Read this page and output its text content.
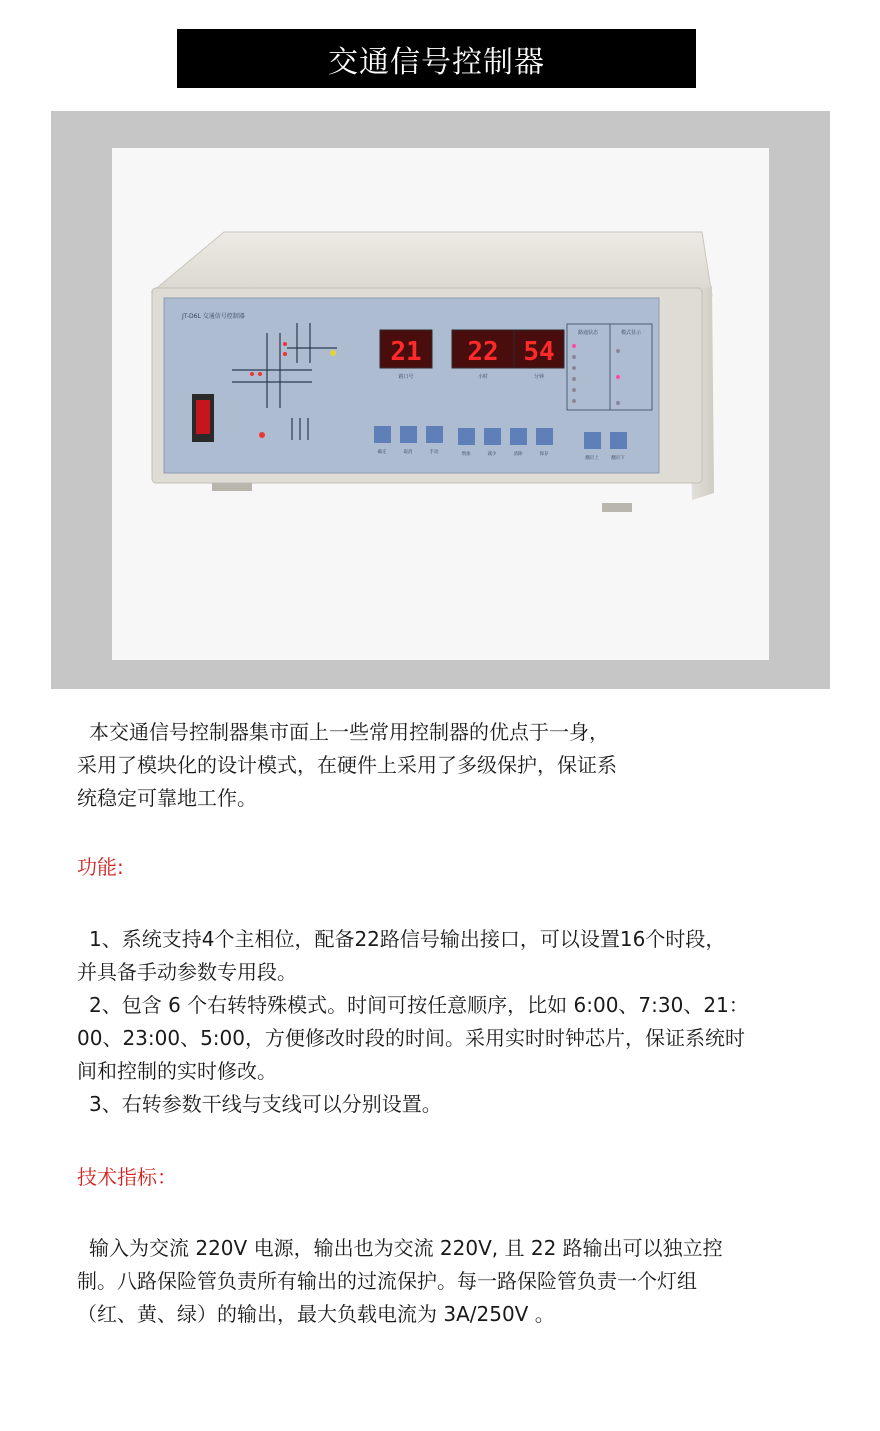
交通信号控制器
JT-D6L 交通信号控制器
21 22 54
路口号	小时	分钟
路通状态	模式显示
确定	取消	手动	增加	减少	清除	保存
翻页上	翻页下
本交通信号控制器集市面上一些常用控制器的优点于一身，
采用了模块化的设计模式，在硬件上采用了多级保护，保证系
统稳定可靠地工作。
功能:
1、系统支持4个主相位，配备22路信号输出接口，可以设置16个时段，
并具备手动参数专用段。
2、包含 6 个右转特殊模式。时间可按任意顺序，比如 6:00、7:30、21：
00、23:00、5:00，方便修改时段的时间。采用实时时钟芯片，保证系统时
间和控制的实时修改。
3、右转参数干线与支线可以分别设置。
技术指标：
输入为交流 220V 电源，输出也为交流 220V, 且 22 路输出可以独立控
制。八路保险管负责所有输出的过流保护。每一路保险管负责一个灯组
（红、黄、绿）的输出，最大负载电流为 3A/250V 。
